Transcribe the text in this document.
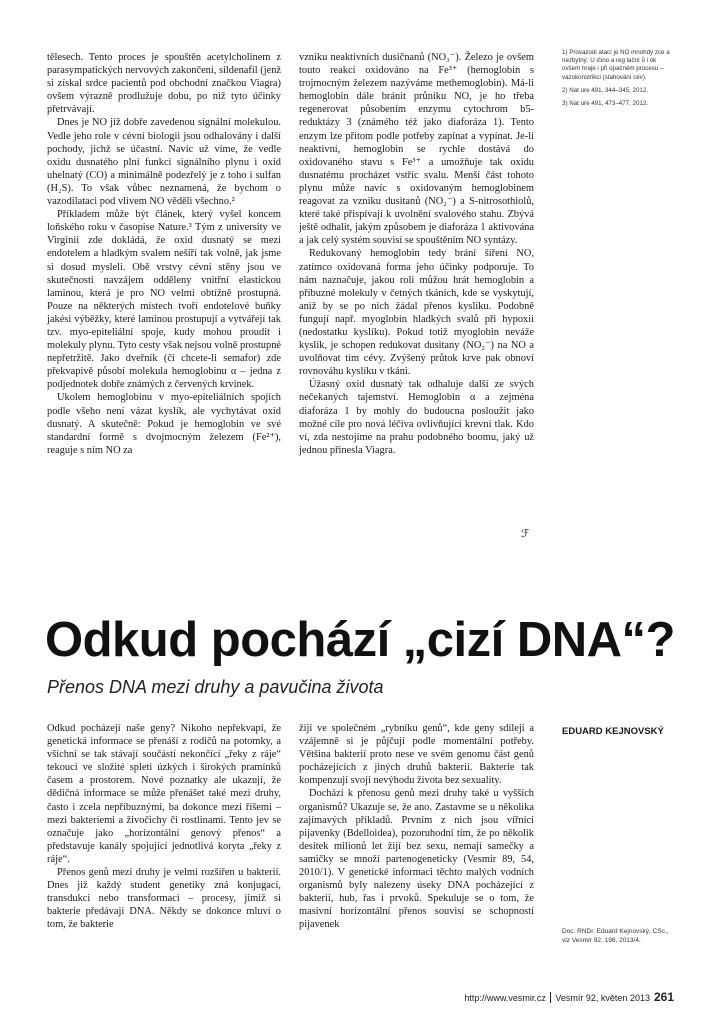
tělesech. Tento proces je spouštěn acetylcholinem z parasympatických nervových zakončení, sildenafil (jenž si získal srdce pacientů pod obchodní značkou Viagra) ovšem výrazně prodlužuje dobu, po niž tyto účinky přetrvávají.

Dnes je NO již dobře zavedenou signální molekulou. Vedle jeho role v cévní biologii jsou odhalovány i další pochody, jichž se účastní. Navíc už víme, že vedle oxidu dusnatého plní funkci signálního plynu i oxid uhelnatý (CO) a minimálně podezřelý je z toho i sulfan (H₂S). To však vůbec neznamená, že bychom o vazodilataci pod vlivem NO věděli všechno.²

Příkladem může být článek, který vyšel koncem loňského roku v časopise Nature.³ Tým z university ve Virginii zde dokládá, že oxid dusnatý se mezi endotelem a hladkým svalem nešíří tak volně, jak jsme si dosud mysleli. Obě vrstvy cévní stěny jsou ve skutečnosti navzájem odděleny vnitřní elastickou laminou, která je pro NO velmi obtížně prostupná. Pouze na některých místech tvoří endotelové buňky jakési výběžky, které laminou prostupují a vytvářejí tak tzv. myo-epiteliální spoje, kudy mohou proudit i molekuly plynu. Tyto cesty však nejsou volně prostupné nepřetržitě. Jako dveřník (či chcete-li semafor) zde překvapivě působí molekula hemoglobinu α – jedna z podjednotek dobře známých z červených krvinek.

Ukolem hemoglobinu v myo-epiteliálních spojích podle všeho není vázat kyslík, ale vychytávat oxid dusnatý. A skutečně: Pokud je hemoglobin ve své standardní formě s dvojmocným železem (Fe²⁺), reaguje s ním NO za

vzniku neaktivních dusičnanů (NO₃⁻). Železo je ovšem touto reakcí oxidováno na Fe³⁺ (hemoglobin s trojmocným železem nazýváme methemoglobin). Má-li hemoglobin dále bránit průniku NO, je ho třeba regenerovat působením enzymu cytochrom b5-reduktázy 3 (známého též jako diaforáza 1). Tento enzym lze přitom podle potřeby zapínat a vypínat. Je-li neaktivní, hemoglobin se rychle dostává do oxidovaného stavu s Fe³⁺ a umožňuje tak oxidu dusnatému procházet vstříc svalu. Menší část tohoto plynu může navíc s oxidovaným hemoglobinem reagovat za vzniku dusitanů (NO₂⁻) a S-nitrosothiolů, které také přispívají k uvolnění svalového stahu. Zbývá ještě odhalit, jakým způsobem je diaforáza 1 aktivována a jak celý systém souvisí se spouštěním NO syntázy.

Redukovaný hemoglobin tedy brání šíření NO, zatímco oxidovaná forma jeho účinky podporuje. To nám naznačuje, jakou roli můžou hrát hemoglobin a příbuzné molekuly v četných tkáních, kde se vyskytují, aniž by se po nich žádal přenos kyslíku. Podobně fungují např. myoglobin hladkých svalů při hypoxii (nedostatku kyslíku). Pokud totiž myoglobin neváže kyslík, je schopen redukovat dusitany (NO₂⁻) na NO a uvolňovat tím cévy. Zvýšený průtok krve pak obnoví rovnováhu kyslíku v tkáni.

Úžasný oxid dusnatý tak odhaluje další ze svých nečekaných tajemství. Hemoglobin α a zejména diaforáza 1 by mohly do budoucna posloužit jako možné cíle pro nová léčiva ovlivňující krevní tlak. Kdo ví, zda nestojíme na prahu podobného boomu, jaký už jednou přinesla Viagra.

ℱ
1) Provazodi atací je NO mnohdy zce a nezbytný. U ičino a reg lační ů i ok ovšem hraje i při opačném procesu – vazokonstrikci (stahování cév).
2) Nat ure 491, 344–345, 2012.
3) Nat ure 491, 473–477, 2012.
Odkud pochází „cizí DNA“?
Přenos DNA mezi druhy a pavučina života

Odkud pocházejí naše geny? Nikoho nepřekvapí, že genetická informace se přenáší z rodičů na potomky, a všichni se tak stávají součástí nekončící „řeky z ráje“ tekoucí ve složité spleti úzkých i širokých pramínků časem a prostorem. Nové poznatky ale ukazují, že dědičná informace se může přenášet také mezi druhy, často i zcela nepříbuznými, ba dokonce mezi říšemi – mezi bakteriemi a živočichy či rostlinami. Tento jev se označuje jako „horizontální genový přenos“ a představuje kanály spojující jednotlivá koryta „řeky z ráje“.

Přenos genů mezi druhy je velmi rozšířen u bakterií. Dnes již každý student genetiky zná konjugaci, transdukci nebo transformaci – procesy, jimiž si bakterie předávají DNA. Někdy se dokonce mluví o tom, že bakterie

žijí ve společném „rybníku genů“, kde geny sdílejí a vzájemně si je půjčují podle momentální potřeby. Většina bakterií proto nese ve svém genomu část genů pocházejících z jiných druhů bakterií. Bakterie tak kompenzují svoji nevýhodu života bez sexuality.

Dochází k přenosu genů mezi druhy také u vyšších organismů? Ukazuje se, že ano. Zastavme se u několika zajímavých příkladů. Prvním z nich jsou vířníci pijavenky (Bdelloidea), pozoruhodní tím, že po několik desítek milionů let žijí bez sexu, nemají samečky a samičky se množí partenogeneticky (Vesmír 89, 54, 2010/1). V genetické informaci těchto malých vodních organismů byly nalezeny úseky DNA pocházející z bakterií, hub, řas i prvoků. Spekuluje se o tom, že masivní horizontální přenos souvisí se schopností pijavenek

EDUARD KEJNOVSKÝ
Doc. RNDr. Eduard Kejnovský, CSc., viz Vesmír 92, 198, 2013/4.
http://www.vesmir.cz Vesmír 92, květen 2013 261
